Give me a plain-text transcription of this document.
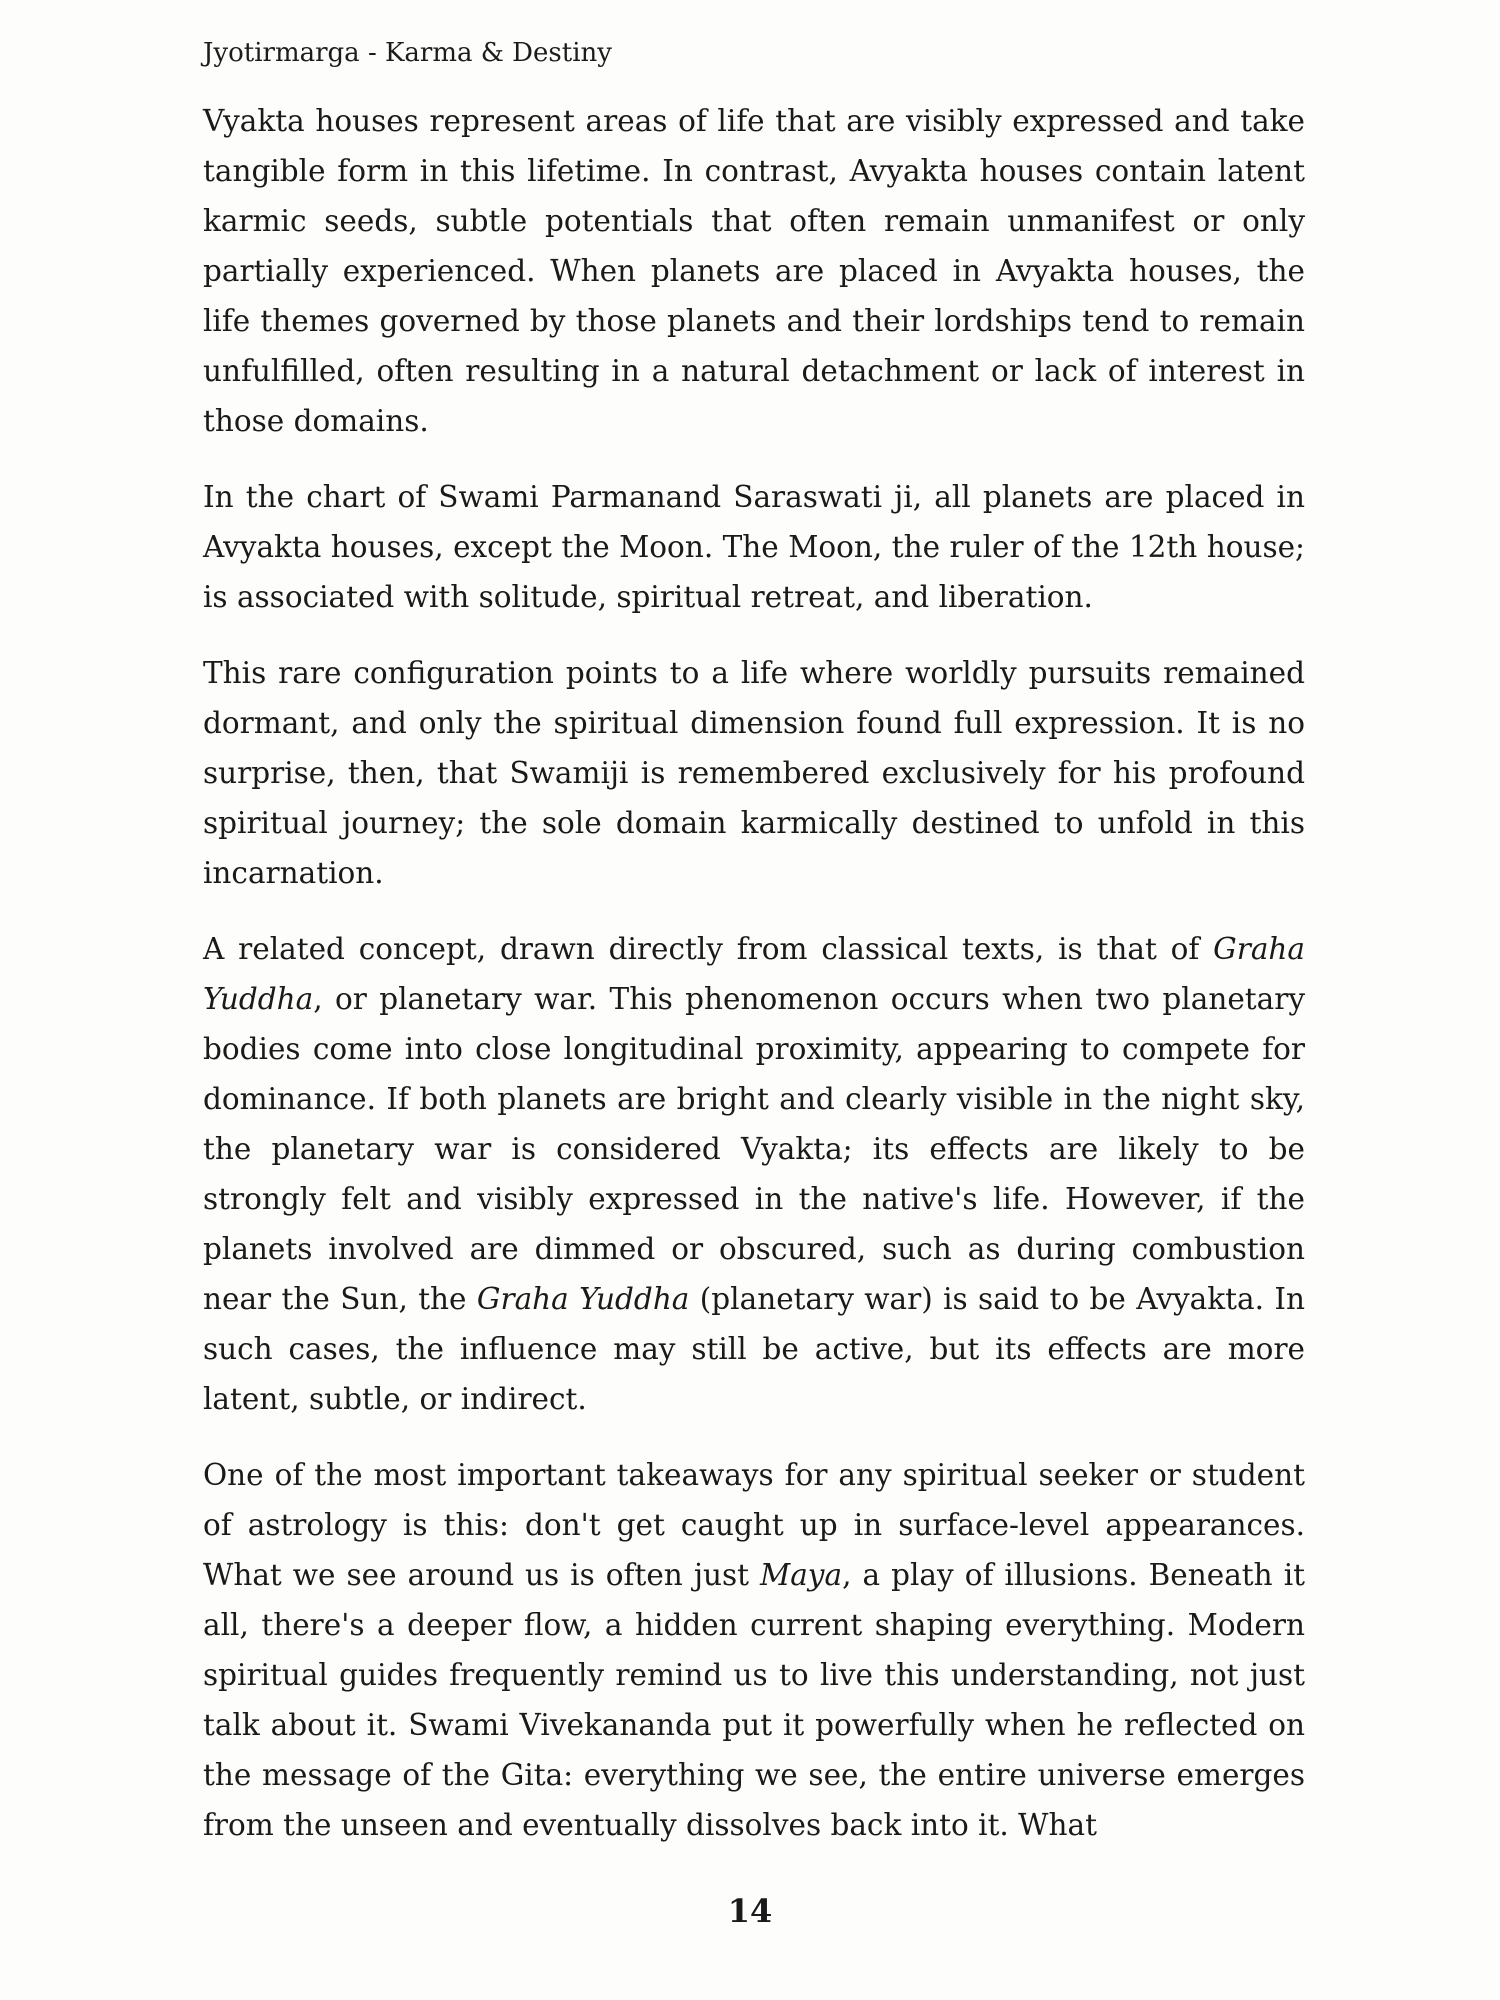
Jyotirmarga - Karma & Destiny

Vyakta houses represent areas of life that are visibly expressed and take tangible form in this lifetime. In contrast, Avyakta houses contain latent karmic seeds, subtle potentials that often remain unmanifest or only partially experienced. When planets are placed in Avyakta houses, the life themes governed by those planets and their lordships tend to remain unfulfilled, often resulting in a natural detachment or lack of interest in those domains.

In the chart of Swami Parmanand Saraswati ji, all planets are placed in Avyakta houses, except the Moon. The Moon, the ruler of the 12th house; is associated with solitude, spiritual retreat, and liberation.

This rare configuration points to a life where worldly pursuits remained dormant, and only the spiritual dimension found full expression. It is no surprise, then, that Swamiji is remembered exclusively for his profound spiritual journey; the sole domain karmically destined to unfold in this incarnation.

A related concept, drawn directly from classical texts, is that of Graha Yuddha, or planetary war. This phenomenon occurs when two planetary bodies come into close longitudinal proximity, appearing to compete for dominance. If both planets are bright and clearly visible in the night sky, the planetary war is considered Vyakta; its effects are likely to be strongly felt and visibly expressed in the native's life. However, if the planets involved are dimmed or obscured, such as during combustion near the Sun, the Graha Yuddha (planetary war) is said to be Avyakta. In such cases, the influence may still be active, but its effects are more latent, subtle, or indirect.

One of the most important takeaways for any spiritual seeker or student of astrology is this: don't get caught up in surface-level appearances. What we see around us is often just Maya, a play of illusions. Beneath it all, there's a deeper flow, a hidden current shaping everything. Modern spiritual guides frequently remind us to live this understanding, not just talk about it. Swami Vivekananda put it powerfully when he reflected on the message of the Gita: everything we see, the entire universe emerges from the unseen and eventually dissolves back into it. What

14
